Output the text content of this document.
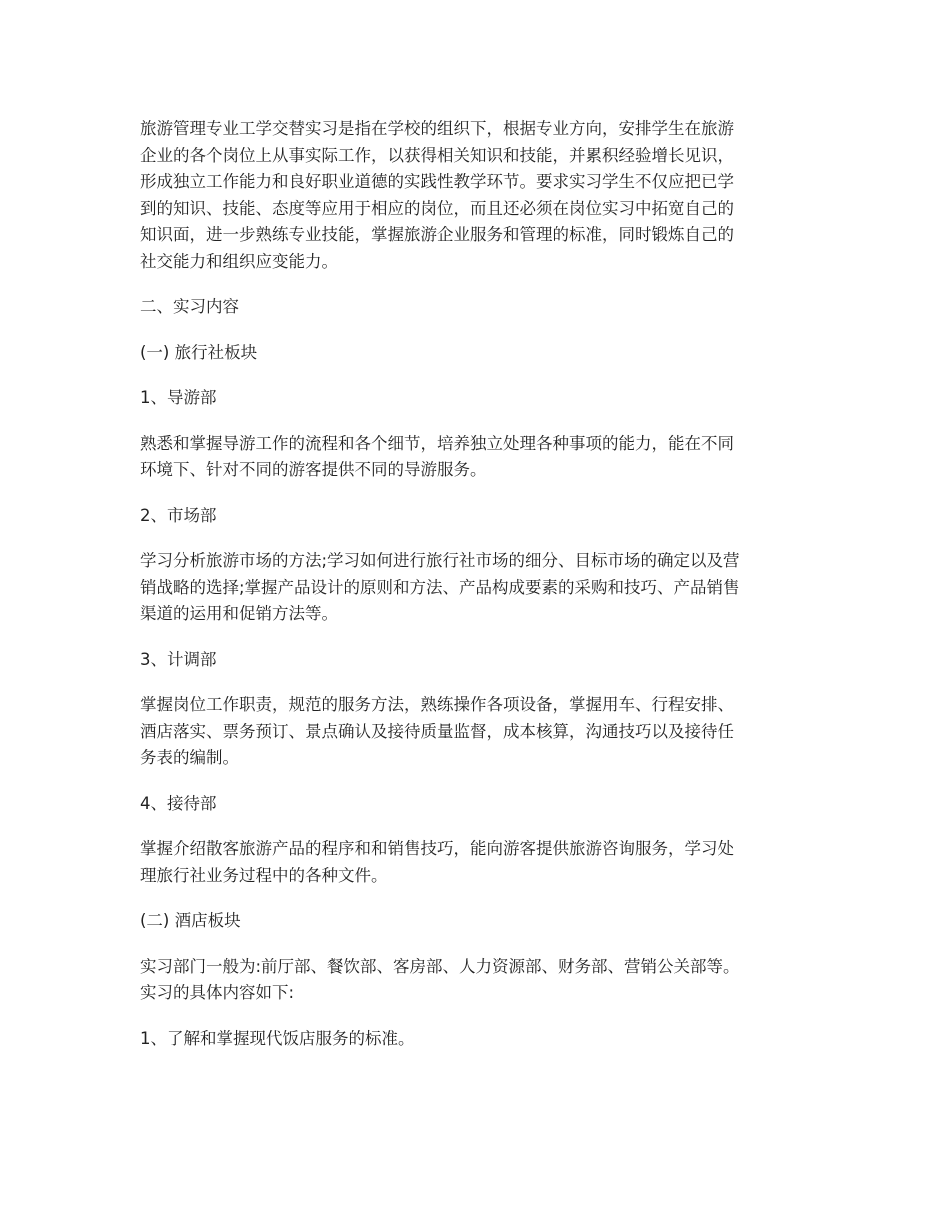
旅游管理专业工学交替实习是指在学校的组织下，根据专业方向，安排学生在旅游
企业的各个岗位上从事实际工作，以获得相关知识和技能，并累积经验增长见识，
形成独立工作能力和良好职业道德的实践性教学环节。要求实习学生不仅应把已学
到的知识、技能、态度等应用于相应的岗位，而且还必须在岗位实习中拓宽自己的
知识面，进一步熟练专业技能，掌握旅游企业服务和管理的标准，同时锻炼自己的
社交能力和组织应变能力。
二、实习内容
(一) 旅行社板块
1、导游部
熟悉和掌握导游工作的流程和各个细节，培养独立处理各种事项的能力，能在不同
环境下、针对不同的游客提供不同的导游服务。
2、市场部
学习分析旅游市场的方法;学习如何进行旅行社市场的细分、目标市场的确定以及营
销战略的选择;掌握产品设计的原则和方法、产品构成要素的采购和技巧、产品销售
渠道的运用和促销方法等。
3、计调部
掌握岗位工作职责，规范的服务方法，熟练操作各项设备，掌握用车、行程安排、
酒店落实、票务预订、景点确认及接待质量监督，成本核算，沟通技巧以及接待任
务表的编制。
4、接待部
掌握介绍散客旅游产品的程序和和销售技巧，能向游客提供旅游咨询服务，学习处
理旅行社业务过程中的各种文件。
(二) 酒店板块
实习部门一般为:前厅部、餐饮部、客房部、人力资源部、财务部、营销公关部等。
实习的具体内容如下:
1、了解和掌握现代饭店服务的标准。
